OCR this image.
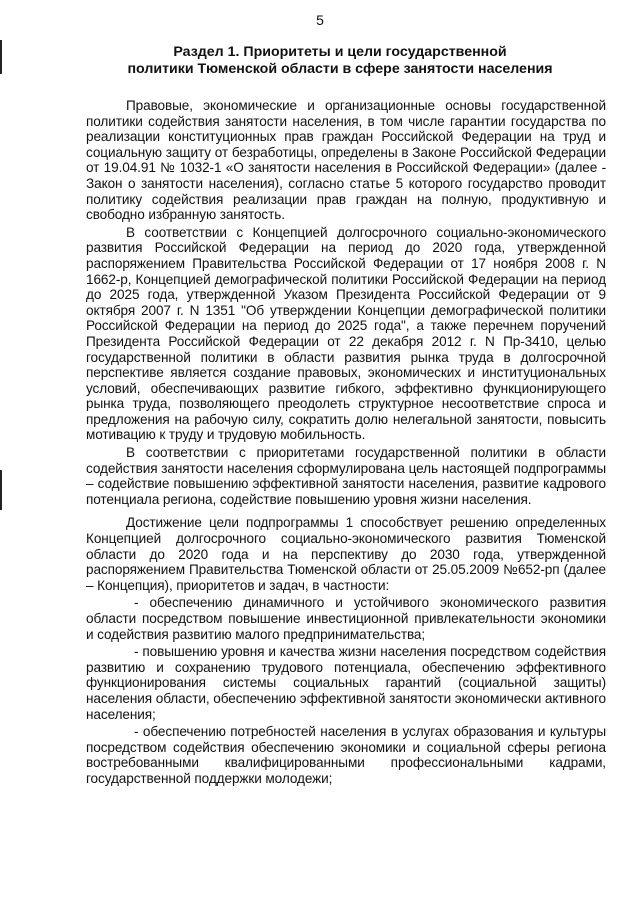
5
Раздел 1. Приоритеты и цели государственной
политики Тюменской области в сфере занятости населения

Правовые, экономические и организационные основы государственной политики содействия занятости населения, в том числе гарантии государства по реализации конституционных прав граждан Российской Федерации на труд и социальную защиту от безработицы, определены в Законе Российской Федерации от 19.04.91 № 1032-1 «О занятости населения в Российской Федерации» (далее - Закон о занятости населения), согласно статье 5 которого государство проводит политику содействия реализации прав граждан на полную, продуктивную и свободно избранную занятость.

В соответствии с Концепцией долгосрочного социально-экономического развития Российской Федерации на период до 2020 года, утвержденной распоряжением Правительства Российской Федерации от 17 ноября 2008 г. N 1662-р, Концепцией демографической политики Российской Федерации на период до 2025 года, утвержденной Указом Президента Российской Федерации от 9 октября 2007 г. N 1351 "Об утверждении Концепции демографической политики Российской Федерации на период до 2025 года", а также перечнем поручений Президента Российской Федерации от 22 декабря 2012 г. N Пр-3410, целью государственной политики в области развития рынка труда в долгосрочной перспективе является создание правовых, экономических и институциональных условий, обеспечивающих развитие гибкого, эффективно функционирующего рынка труда, позволяющего преодолеть структурное несоответствие спроса и предложения на рабочую силу, сократить долю нелегальной занятости, повысить мотивацию к труду и трудовую мобильность.

В соответствии с приоритетами государственной политики в области содействия занятости населения сформулирована цель настоящей подпрограммы – содействие повышению эффективной занятости населения, развитие кадрового потенциала региона, содействие повышению уровня жизни населения.

Достижение цели подпрограммы 1 способствует решению определенных Концепцией долгосрочного социально-экономического развития Тюменской области до 2020 года и на перспективу до 2030 года, утвержденной распоряжением Правительства Тюменской области от 25.05.2009 №652-рп (далее – Концепция), приоритетов и задач, в частности:

- обеспечению динамичного и устойчивого экономического развития области посредством повышение инвестиционной привлекательности экономики и содействия развитию малого предпринимательства;

- повышению уровня и качества жизни населения посредством содействия развитию и сохранению трудового потенциала, обеспечению эффективного функционирования системы социальных гарантий (социальной защиты) населения области, обеспечению эффективной занятости экономически активного населения;

- обеспечению потребностей населения в услугах образования и культуры посредством содействия обеспечению экономики и социальной сферы региона востребованными квалифицированными профессиональными кадрами, государственной поддержки молодежи;
